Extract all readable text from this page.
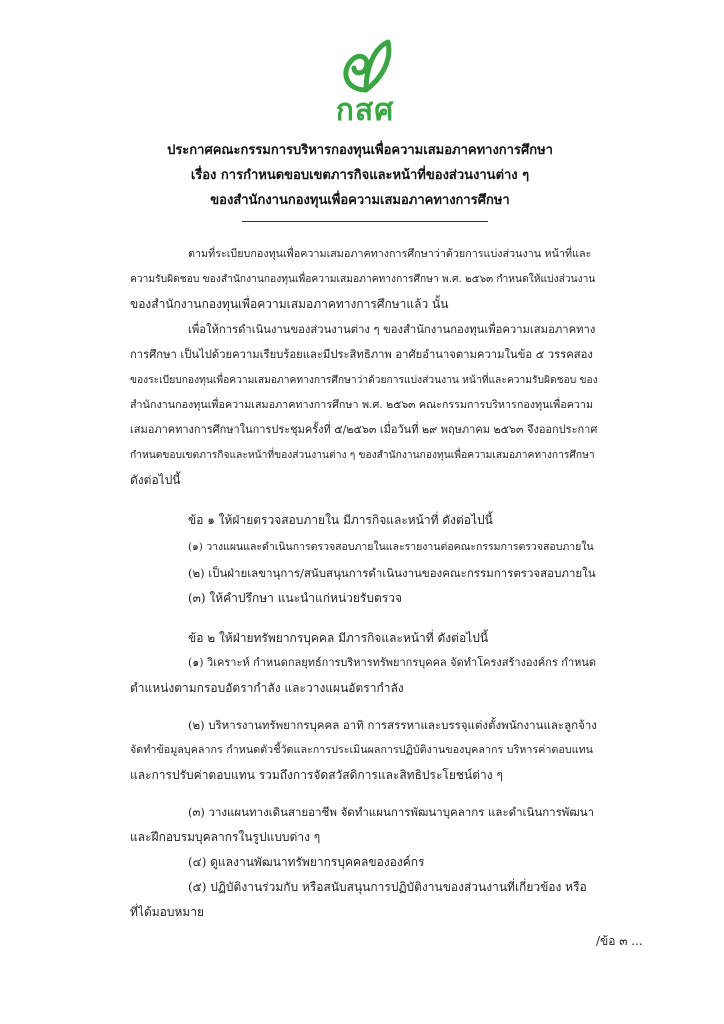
กสศ
ประกาศคณะกรรมการบริหารกองทุนเพื่อความเสมอภาคทางการศึกษา
เรื่อง การกำหนดขอบเขตภารกิจและหน้าที่ของส่วนงานต่าง ๆ
ของสำนักงานกองทุนเพื่อความเสมอภาคทางการศึกษา
ตามที่ระเบียบกองทุนเพื่อความเสมอภาคทางการศึกษาว่าด้วยการแบ่งส่วนงาน หน้าที่และ
ความรับผิดชอบ ของสำนักงานกองทุนเพื่อความเสมอภาคทางการศึกษา พ.ศ. ๒๕๖๓ กำหนดให้แบ่งส่วนงาน
ของสำนักงานกองทุนเพื่อความเสมอภาคทางการศึกษาแล้ว นั้น
เพื่อให้การดำเนินงานของส่วนงานต่าง ๆ ของสำนักงานกองทุนเพื่อความเสมอภาคทาง
การศึกษา เป็นไปด้วยความเรียบร้อยและมีประสิทธิภาพ อาศัยอำนาจตามความในข้อ ๕ วรรคสอง
ของระเบียบกองทุนเพื่อความเสมอภาคทางการศึกษาว่าด้วยการแบ่งส่วนงาน หน้าที่และความรับผิดชอบ ของ
สำนักงานกองทุนเพื่อความเสมอภาคทางการศึกษา พ.ศ. ๒๕๖๓ คณะกรรมการบริหารกองทุนเพื่อความ
เสมอภาคทางการศึกษาในการประชุมครั้งที่ ๕/๒๕๖๓ เมื่อวันที่ ๒๙ พฤษภาคม ๒๕๖๓ จึงออกประกาศ
กำหนดขอบเขตภารกิจและหน้าที่ของส่วนงานต่าง ๆ ของสำนักงานกองทุนเพื่อความเสมอภาคทางการศึกษา
ดังต่อไปนี้
ข้อ ๑ ให้ฝ่ายตรวจสอบภายใน มีภารกิจและหน้าที่ ดังต่อไปนี้
(๑) วางแผนและดำเนินการตรวจสอบภายในและรายงานต่อคณะกรรมการตรวจสอบภายใน
(๒) เป็นฝ่ายเลขานุการ/สนับสนุนการดำเนินงานของคณะกรรมการตรวจสอบภายใน
(๓) ให้คำปรึกษา แนะนำแก่หน่วยรับตรวจ
ข้อ ๒ ให้ฝ่ายทรัพยากรบุคคล มีภารกิจและหน้าที่ ดังต่อไปนี้
(๑) วิเคราะห์ กำหนดกลยุทธ์การบริหารทรัพยากรบุคคล จัดทำโครงสร้างองค์กร กำหนด
ตำแหน่งตามกรอบอัตรากำลัง และวางแผนอัตรากำลัง
(๒) บริหารงานทรัพยากรบุคคล อาทิ การสรรหาและบรรจุแต่งตั้งพนักงานและลูกจ้าง
จัดทำข้อมูลบุคลากร กำหนดตัวชี้วัดและการประเมินผลการปฏิบัติงานของบุคลากร บริหารค่าตอบแทน
และการปรับค่าตอบแทน รวมถึงการจัดสวัสดิการและสิทธิประโยชน์ต่าง ๆ
(๓) วางแผนทางเดินสายอาชีพ จัดทำแผนการพัฒนาบุคลากร และดำเนินการพัฒนา
และฝึกอบรมบุคลากรในรูปแบบต่าง ๆ
(๔) ดูแลงานพัฒนาทรัพยากรบุคคลขององค์กร
(๕) ปฏิบัติงานร่วมกับ หรือสนับสนุนการปฏิบัติงานของส่วนงานที่เกี่ยวข้อง หรือ
ที่ได้มอบหมาย
/ข้อ ๓ ...
